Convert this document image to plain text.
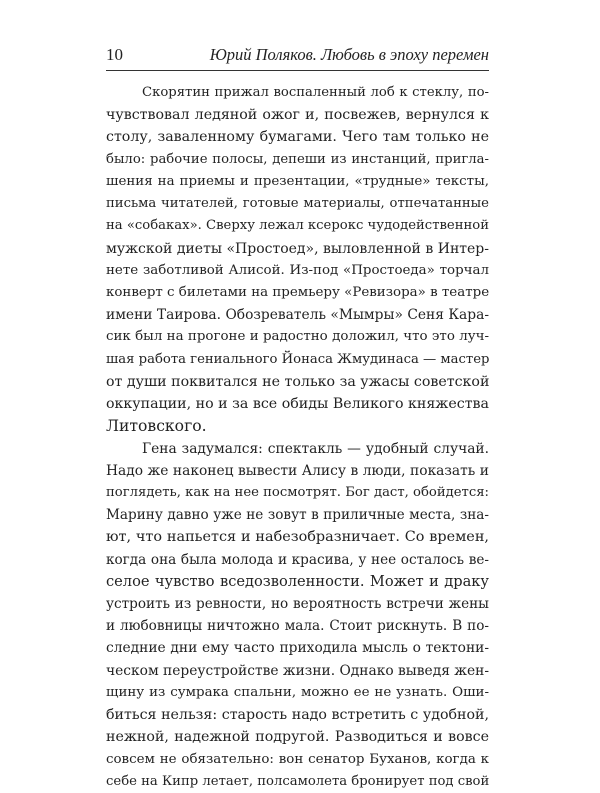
10	Юрий Поляков. Любовь в эпоху перемен
Скорятин прижал воспаленный лоб к стеклу, по-
чувствовал ледяной ожог и, посвежев, вернулся к
столу, заваленному бумагами. Чего там только не
было: рабочие полосы, депеши из инстанций, пригла-
шения на приемы и презентации, «трудные» тексты,
письма читателей, готовые материалы, отпечатанные
на «собаках». Сверху лежал ксерокс чудодейственной
мужской диеты «Простоед», выловленной в Интер-
нете заботливой Алисой. Из-под «Простоеда» торчал
конверт с билетами на премьеру «Ревизора» в театре
имени Таирова. Обозреватель «Мымры» Сеня Кара-
сик был на прогоне и радостно доложил, что это луч-
шая работа гениального Йонаса Жмудинаса — мастер
от души поквитался не только за ужасы советской
оккупации, но и за все обиды Великого княжества
Литовского.
Гена задумался: спектакль — удобный случай.
Надо же наконец вывести Алису в люди, показать и
поглядеть, как на нее посмотрят. Бог даст, обойдется:
Марину давно уже не зовут в приличные места, зна-
ют, что напьется и набезобразничает. Со времен,
когда она была молода и красива, у нее осталось ве-
селое чувство вседозволенности. Может и драку
устроить из ревности, но вероятность встречи жены
и любовницы ничтожно мала. Стоит рискнуть. В по-
следние дни ему часто приходила мысль о тектони-
ческом переустройстве жизни. Однако выведя жен-
щину из сумрака спальни, можно ее не узнать. Оши-
биться нельзя: старость надо встретить с удобной,
нежной, надежной подругой. Разводиться и вовсе
совсем не обязательно: вон сенатор Буханов, когда к
себе на Кипр летает, полсамолета бронирует под свой
